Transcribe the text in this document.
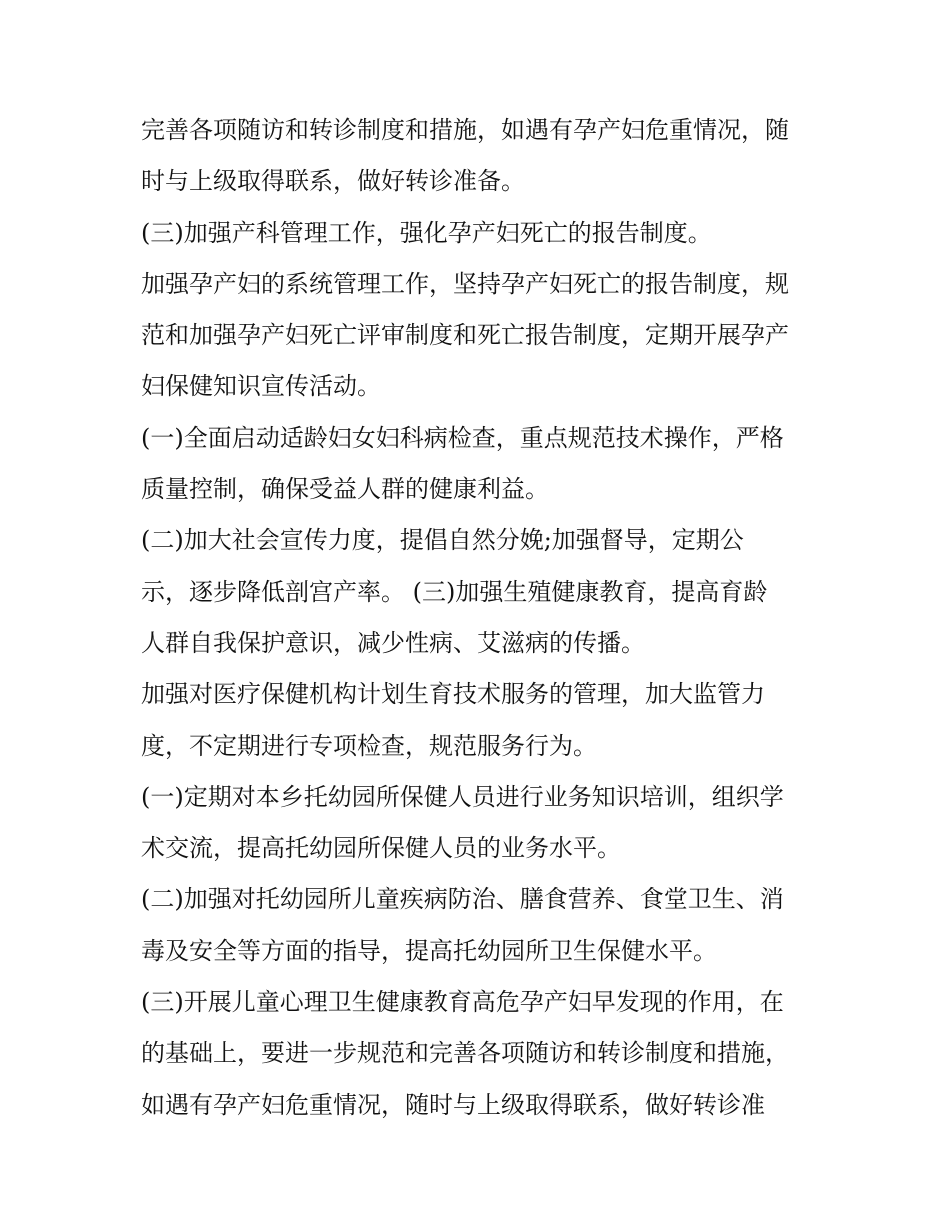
完善各项随访和转诊制度和措施，如遇有孕产妇危重情况，随
时与上级取得联系，做好转诊准备。
(三)加强产科管理工作，强化孕产妇死亡的报告制度。
加强孕产妇的系统管理工作，坚持孕产妇死亡的报告制度，规
范和加强孕产妇死亡评审制度和死亡报告制度，定期开展孕产
妇保健知识宣传活动。
(一)全面启动适龄妇女妇科病检查，重点规范技术操作，严格
质量控制，确保受益人群的健康利益。
(二)加大社会宣传力度，提倡自然分娩;加强督导，定期公
示，逐步降低剖宫产率。 (三)加强生殖健康教育，提高育龄
人群自我保护意识，减少性病、艾滋病的传播。
加强对医疗保健机构计划生育技术服务的管理，加大监管力
度，不定期进行专项检查，规范服务行为。
(一)定期对本乡托幼园所保健人员进行业务知识培训，组织学
术交流，提高托幼园所保健人员的业务水平。
(二)加强对托幼园所儿童疾病防治、膳食营养、食堂卫生、消
毒及安全等方面的指导，提高托幼园所卫生保健水平。
(三)开展儿童心理卫生健康教育高危孕产妇早发现的作用，在
的基础上，要进一步规范和完善各项随访和转诊制度和措施，
如遇有孕产妇危重情况，随时与上级取得联系，做好转诊准
